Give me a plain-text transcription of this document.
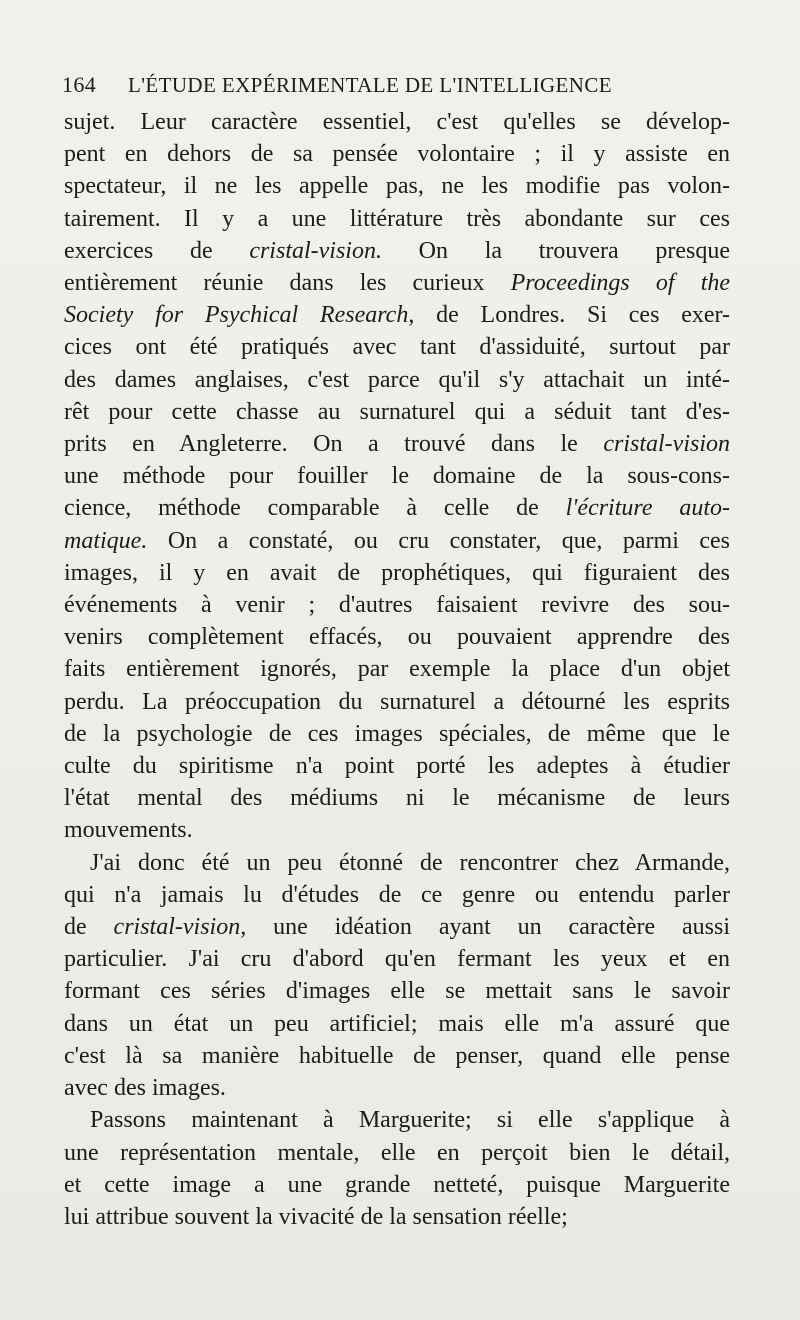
164	L'ÉTUDE EXPÉRIMENTALE DE L'INTELLIGENCE
sujet. Leur caractère essentiel, c'est qu'elles se dévelop-
pent en dehors de sa pensée volontaire ; il y assiste en
spectateur, il ne les appelle pas, ne les modifie pas volon-
tairement. Il y a une littérature très abondante sur ces
exercices de cristal-vision. On la trouvera presque
entièrement réunie dans les curieux Proceedings of the
Society for Psychical Research, de Londres. Si ces exer-
cices ont été pratiqués avec tant d'assiduité, surtout par
des dames anglaises, c'est parce qu'il s'y attachait un inté-
rêt pour cette chasse au surnaturel qui a séduit tant d'es-
prits en Angleterre. On a trouvé dans le cristal-vision
une méthode pour fouiller le domaine de la sous-cons-
cience, méthode comparable à celle de l'écriture auto-
matique. On a constaté, ou cru constater, que, parmi ces
images, il y en avait de prophétiques, qui figuraient des
événements à venir ; d'autres faisaient revivre des sou-
venirs complètement effacés, ou pouvaient apprendre des
faits entièrement ignorés, par exemple la place d'un objet
perdu. La préoccupation du surnaturel a détourné les esprits
de la psychologie de ces images spéciales, de même que le
culte du spiritisme n'a point porté les adeptes à étudier
l'état mental des médiums ni le mécanisme de leurs
mouvements.
J'ai donc été un peu étonné de rencontrer chez Armande,
qui n'a jamais lu d'études de ce genre ou entendu parler
de cristal-vision, une idéation ayant un caractère aussi
particulier. J'ai cru d'abord qu'en fermant les yeux et en
formant ces séries d'images elle se mettait sans le savoir
dans un état un peu artificiel; mais elle m'a assuré que
c'est là sa manière habituelle de penser, quand elle pense
avec des images.
Passons maintenant à Marguerite; si elle s'applique à
une représentation mentale, elle en perçoit bien le détail,
et cette image a une grande netteté, puisque Marguerite
lui attribue souvent la vivacité de la sensation réelle;
